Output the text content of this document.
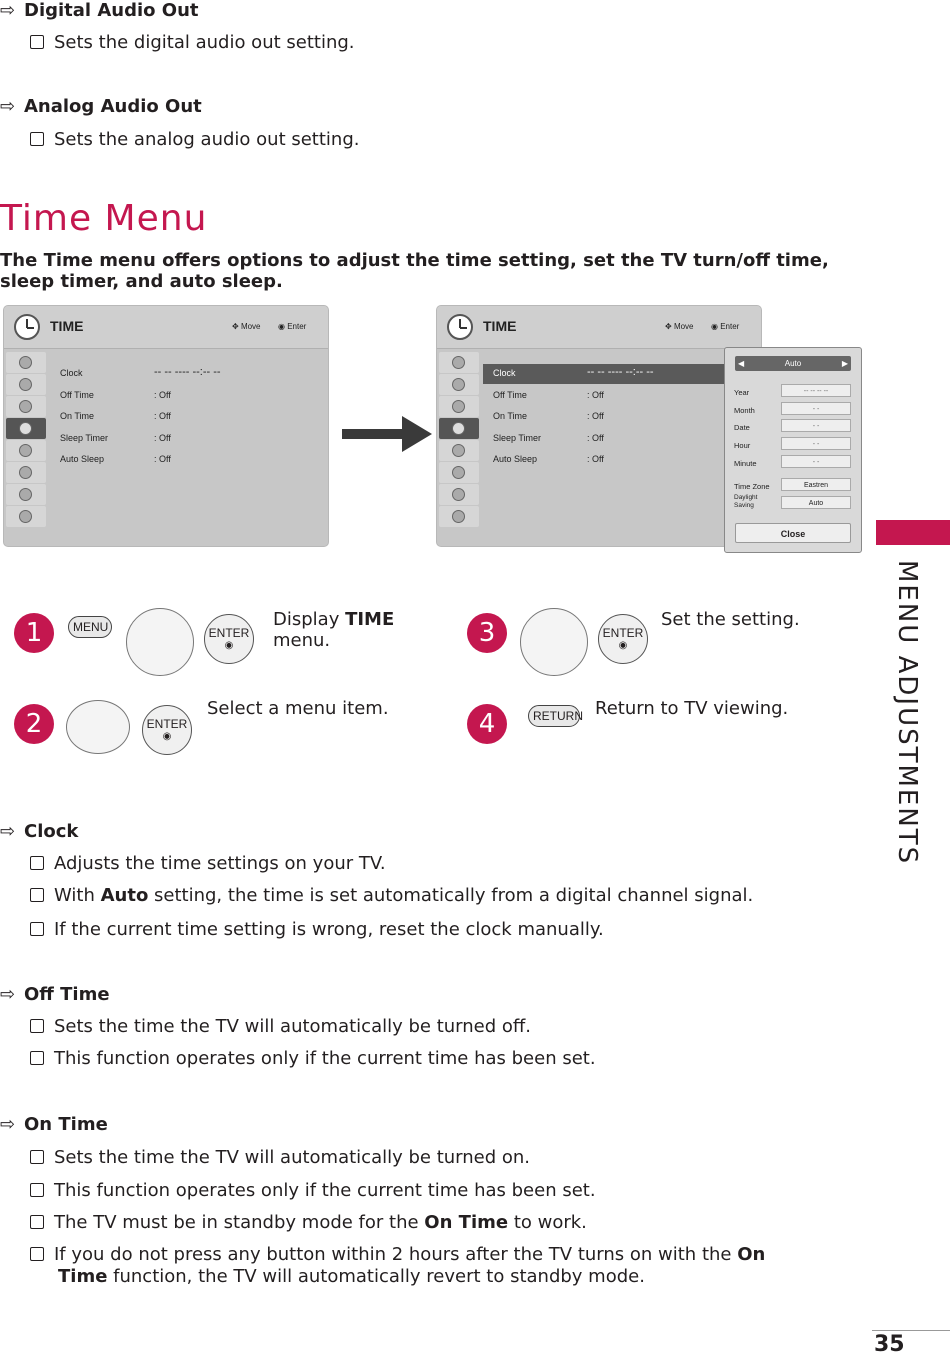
⇨ Digital Audio Out
Sets the digital audio out setting.
⇨ Analog Audio Out
Sets the analog audio out setting.
Time Menu
The Time menu offers options to adjust the time setting, set the TV turn/off time, sleep timer, and auto sleep.
MENU ADJUSTMENTS
TIME	✥ Move ◉ Enter
Clock	-- -- ---- --:-- --
Off Time	: Off
On Time	: Off
Sleep Timer	: Off
Auto Sleep	: Off
TIME	✥ Move ◉ Enter
Clock	-- -- ---- --:-- --
Off Time	: Off
On Time	: Off
Sleep Timer	: Off
Auto Sleep	: Off
◀	Auto	▶
Year	-- -- -- --
Month	- -
Date	- -
Hour	- -
Minute	- -
Time Zone	Eastren
Daylight
Saving	Auto
Close
1	MENU	ENTER ◉
Display TIME
menu.
2	ENTER ◉
Select a menu item.
3	ENTER ◉
Set the setting.
4	RETURN Return to TV viewing.
⇨ Clock
Adjusts the time settings on your TV.
With Auto setting, the time is set automatically from a digital channel signal.
If the current time setting is wrong, reset the clock manually.
⇨ Off Time
Sets the time the TV will automatically be turned off.
This function operates only if the current time has been set.
⇨ On Time
Sets the time the TV will automatically be turned on.
This function operates only if the current time has been set.
The TV must be in standby mode for the On Time to work.
If you do not press any button within 2 hours after the TV turns on with the On
Time function, the TV will automatically revert to standby mode.
35
